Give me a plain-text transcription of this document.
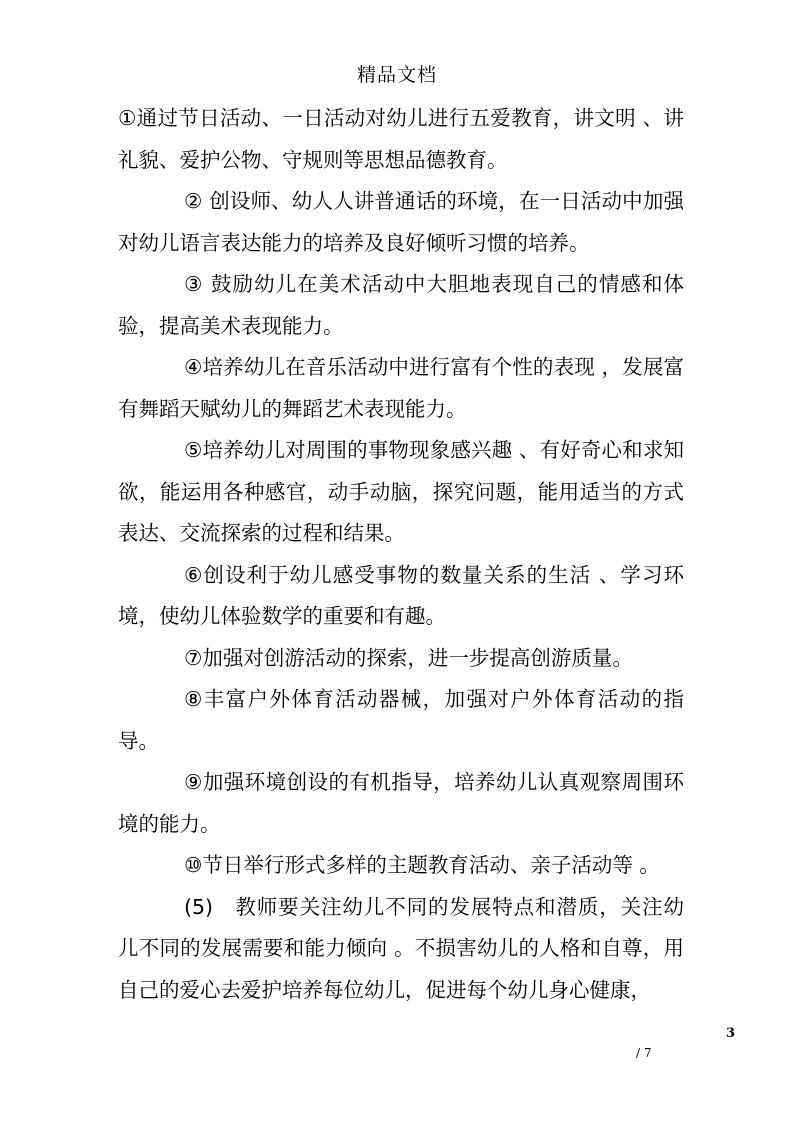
精品文档

①通过节日活动、一日活动对幼儿进行五爱教育，讲文明 、讲礼貌、爱护公物、守规则等思想品德教育。

② 创设师、幼人人讲普通话的环境，在一日活动中加强对幼儿语言表达能力的培养及良好倾听习惯的培养。

③ 鼓励幼儿在美术活动中大胆地表现自己的情感和体验，提高美术表现能力。

④培养幼儿在音乐活动中进行富有个性的表现 ，发展富有舞蹈天赋幼儿的舞蹈艺术表现能力。

⑤培养幼儿对周围的事物现象感兴趣 、有好奇心和求知欲，能运用各种感官，动手动脑，探究问题，能用适当的方式表达、交流探索的过程和结果。

⑥创设利于幼儿感受事物的数量关系的生活 、学习环境，使幼儿体验数学的重要和有趣。

⑦加强对创游活动的探索，进一步提高创游质量。

⑧丰富户外体育活动器械，加强对户外体育活动的指导。

⑨加强环境创设的有机指导，培养幼儿认真观察周围环境的能力。

⑩节日举行形式多样的主题教育活动、亲子活动等 。

(5)　教师要关注幼儿不同的发展特点和潜质，关注幼儿不同的发展需要和能力倾向 。不损害幼儿的人格和自尊，用自己的爱心去爱护培养每位幼儿，促进每个幼儿身心健康，

3
/ 7
